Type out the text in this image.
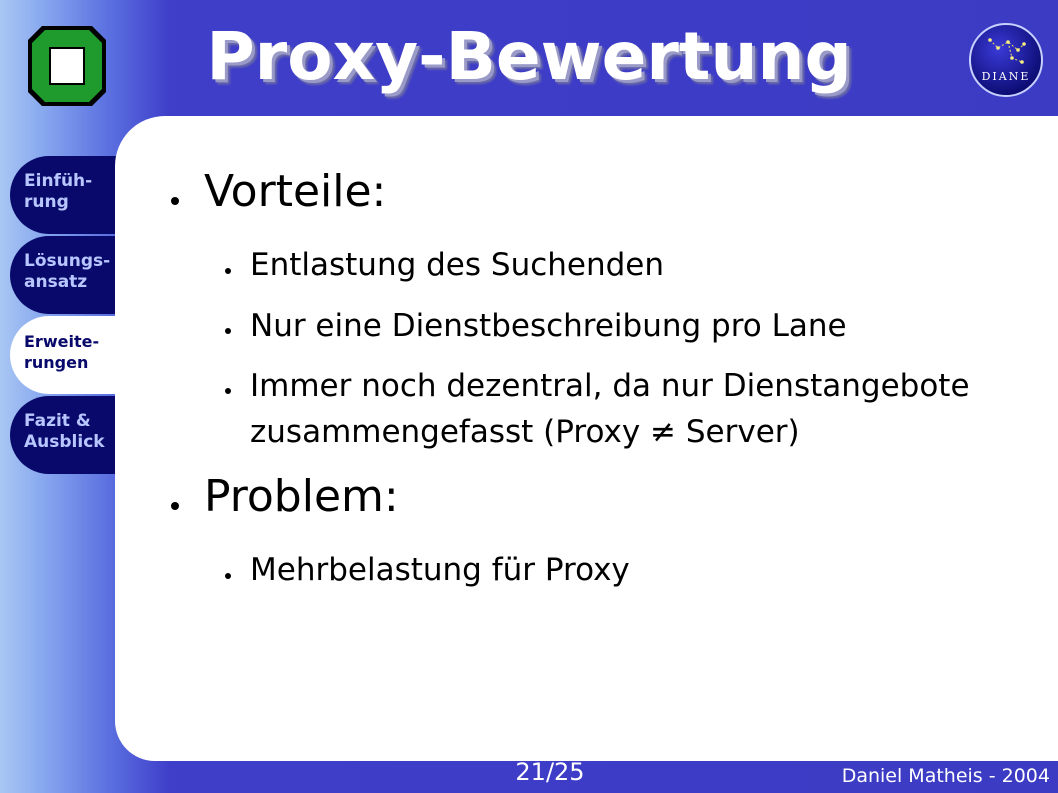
Proxy-Bewertung	DIANE
Einfüh-
rung
Lösungs-
ansatz
Erweite-
rungen
Fazit &
Ausblick
Vorteile:
Entlastung des Suchenden
Nur eine Dienstbeschreibung pro Lane
Immer noch dezentral, da nur Dienstangebote
zusammengefasst (Proxy ≠ Server)
Problem:
Mehrbelastung für Proxy
21/25	Daniel Matheis - 2004
